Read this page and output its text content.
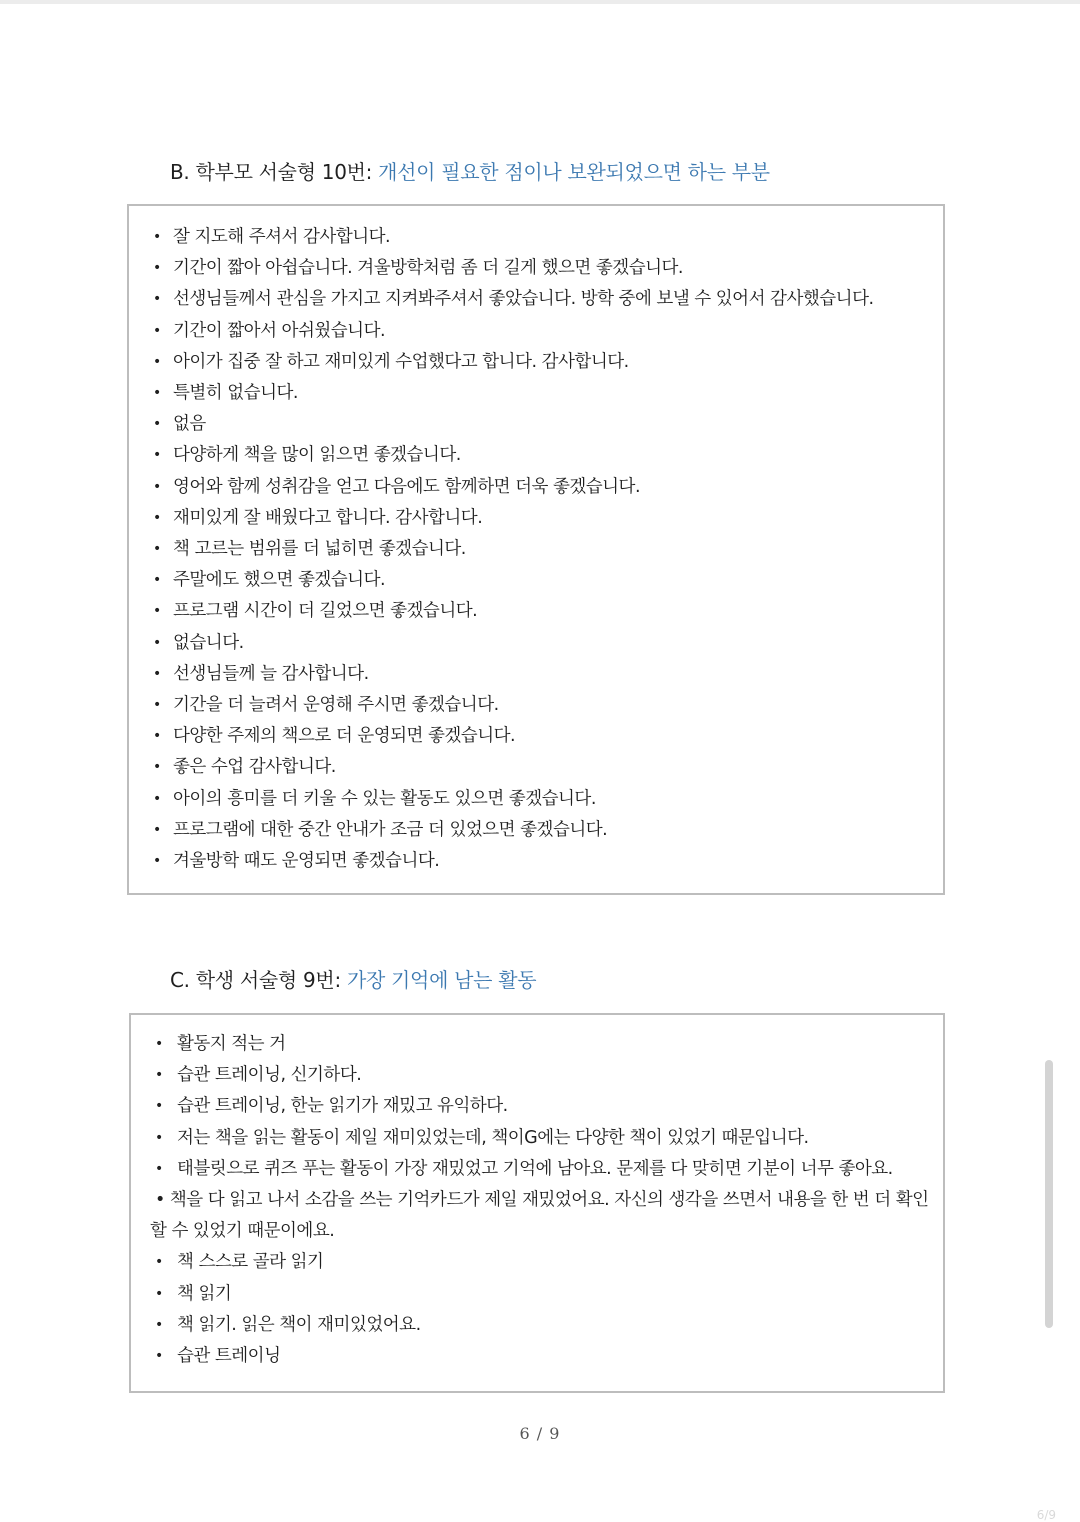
B. 학부모 서술형 10번: 개선이 필요한 점이나 보완되었으면 하는 부분
• 잘 지도해 주셔서 감사합니다.
• 기간이 짧아 아쉽습니다. 겨울방학처럼 좀 더 길게 했으면 좋겠습니다.
• 선생님들께서 관심을 가지고 지켜봐주셔서 좋았습니다. 방학 중에 보낼 수 있어서 감사했습니다.
• 기간이 짧아서 아쉬웠습니다.
• 아이가 집중 잘 하고 재미있게 수업했다고 합니다. 감사합니다.
• 특별히 없습니다.
• 없음
• 다양하게 책을 많이 읽으면 좋겠습니다.
• 영어와 함께 성취감을 얻고 다음에도 함께하면 더욱 좋겠습니다.
• 재미있게 잘 배웠다고 합니다. 감사합니다.
• 책 고르는 범위를 더 넓히면 좋겠습니다.
• 주말에도 했으면 좋겠습니다.
• 프로그램 시간이 더 길었으면 좋겠습니다.
• 없습니다.
• 선생님들께 늘 감사합니다.
• 기간을 더 늘려서 운영해 주시면 좋겠습니다.
• 다양한 주제의 책으로 더 운영되면 좋겠습니다.
• 좋은 수업 감사합니다.
• 아이의 흥미를 더 키울 수 있는 활동도 있으면 좋겠습니다.
• 프로그램에 대한 중간 안내가 조금 더 있었으면 좋겠습니다.
• 겨울방학 때도 운영되면 좋겠습니다.
C. 학생 서술형 9번: 가장 기억에 남는 활동
• 활동지 적는 거
• 습관 트레이닝, 신기하다.
• 습관 트레이닝, 한눈 읽기가 재밌고 유익하다.
• 저는 책을 읽는 활동이 제일 재미있었는데, 책이G에는 다양한 책이 있었기 때문입니다.
• 태블릿으로 퀴즈 푸는 활동이 가장 재밌었고 기억에 남아요. 문제를 다 맞히면 기분이 너무 좋아요.
• 책을 다 읽고 나서 소감을 쓰는 기억카드가 제일 재밌었어요. 자신의 생각을 쓰면서 내용을 한 번 더 확인할 수 있었기 때문이에요.
• 책 스스로 골라 읽기
• 책 읽기
• 책 읽기. 읽은 책이 재미있었어요.
• 습관 트레이닝
6 / 9
6/9
